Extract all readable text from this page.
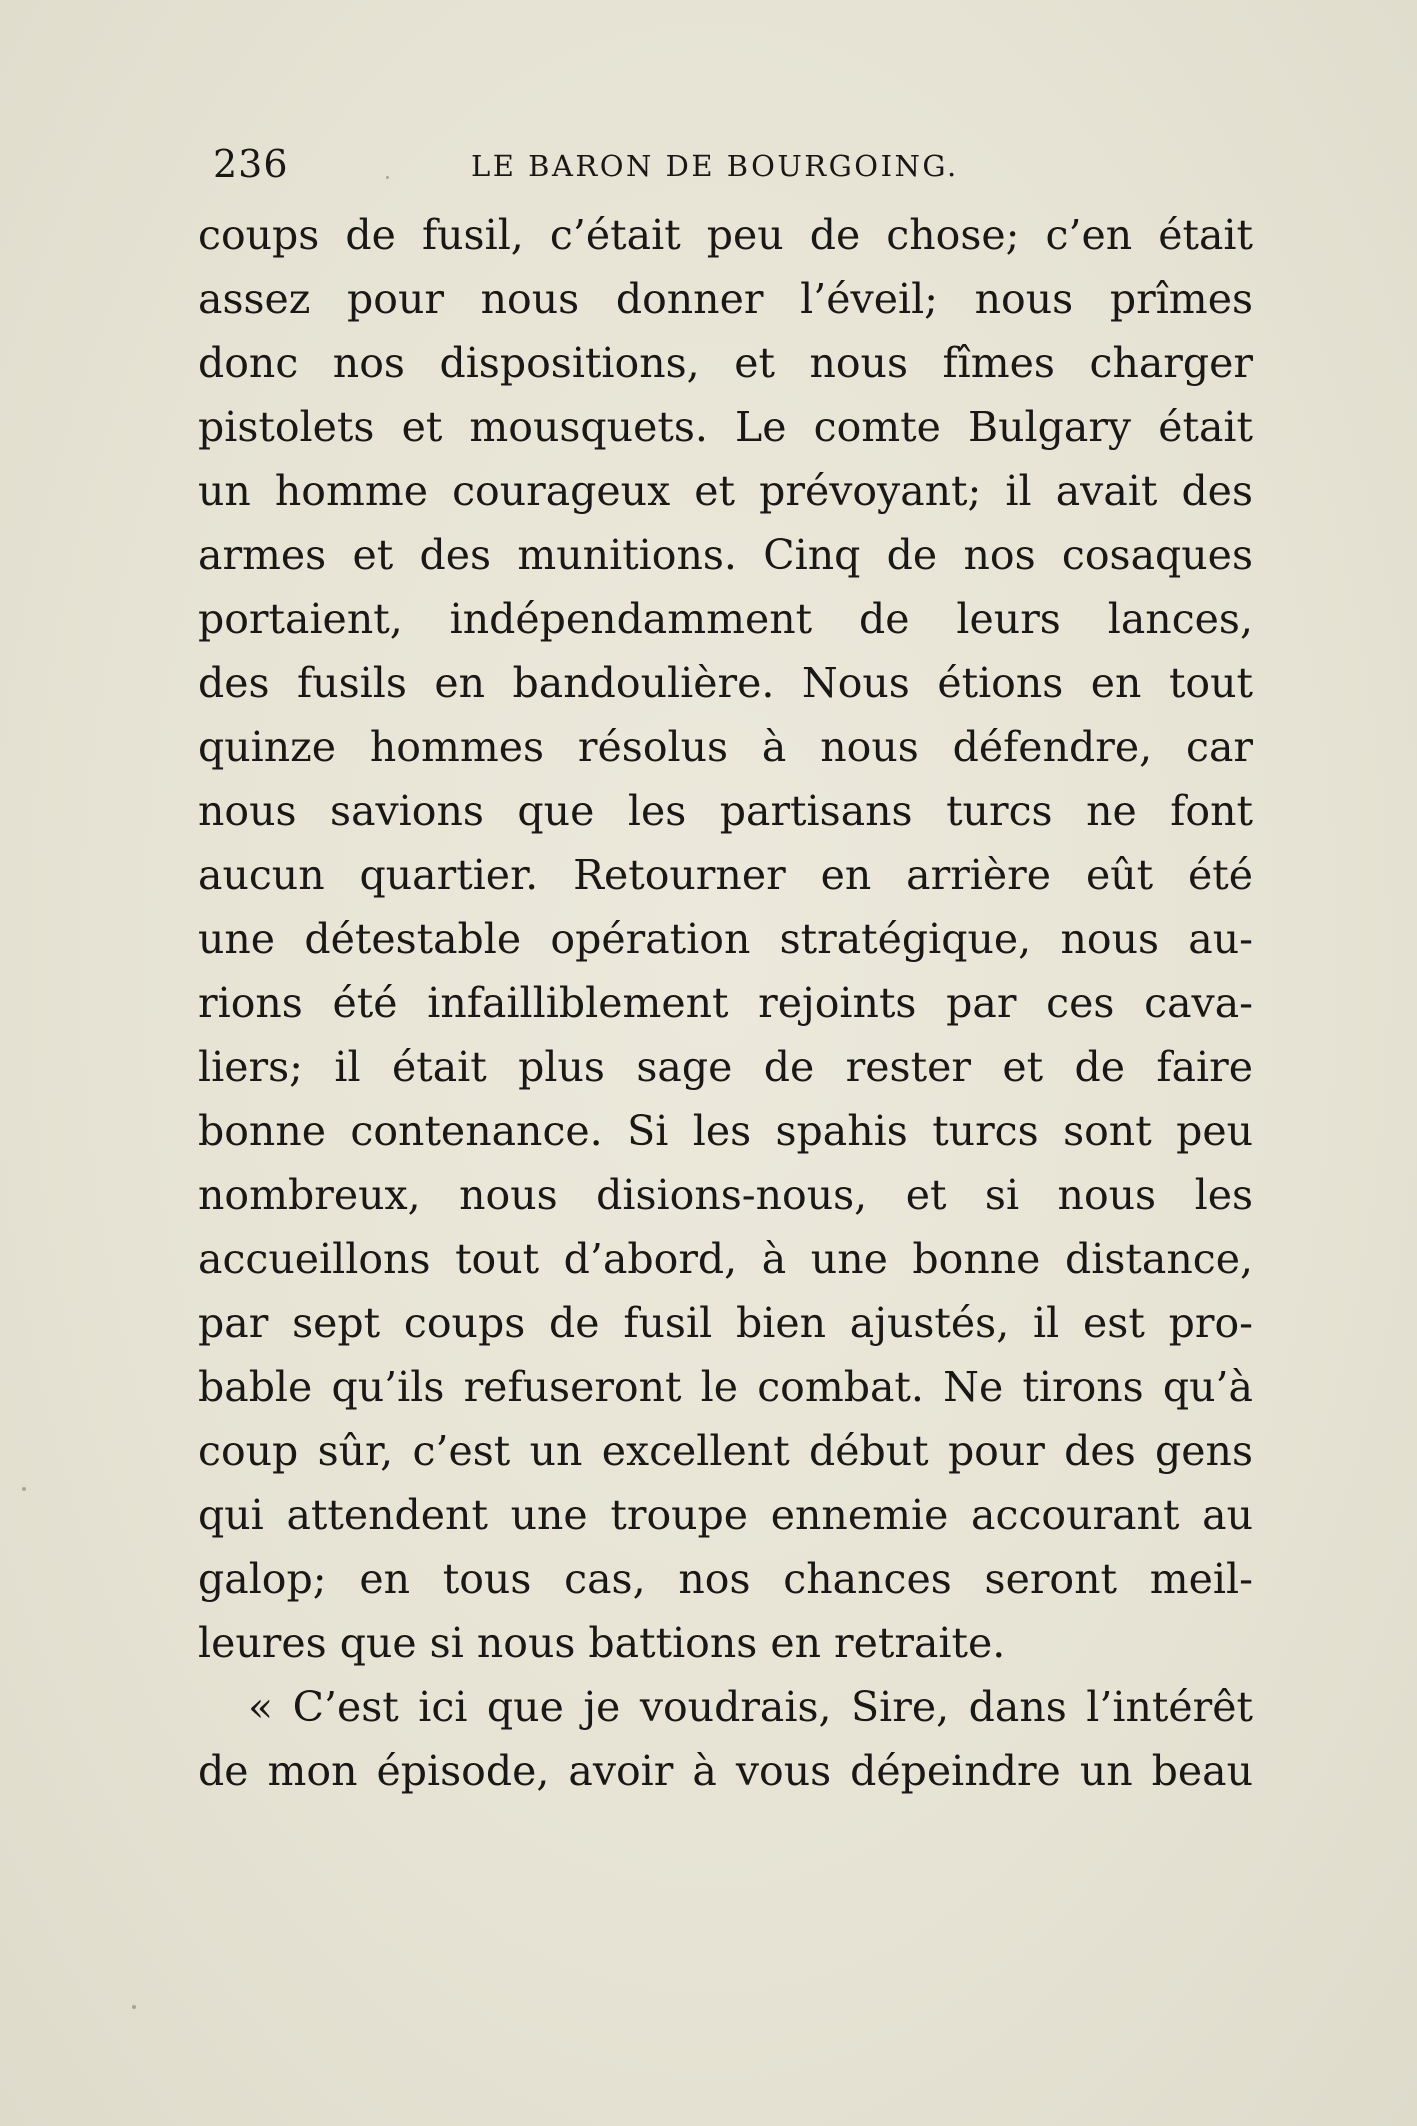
236	LE BARON DE BOURGOING.
coups de fusil, c’était peu de chose; c’en était
assez pour nous donner l’éveil; nous prîmes
donc nos dispositions, et nous fîmes charger
pistolets et mousquets. Le comte Bulgary était
un homme courageux et prévoyant; il avait des
armes et des munitions. Cinq de nos cosaques
portaient, indépendamment de leurs lances,
des fusils en bandoulière. Nous étions en tout
quinze hommes résolus à nous défendre, car
nous savions que les partisans turcs ne font
aucun quartier. Retourner en arrière eût été
une détestable opération stratégique, nous au-
rions été infailliblement rejoints par ces cava-
liers; il était plus sage de rester et de faire
bonne contenance. Si les spahis turcs sont peu
nombreux, nous disions-nous, et si nous les
accueillons tout d’abord, à une bonne distance,
par sept coups de fusil bien ajustés, il est pro-
bable qu’ils refuseront le combat. Ne tirons qu’à
coup sûr, c’est un excellent début pour des gens
qui attendent une troupe ennemie accourant au
galop; en tous cas, nos chances seront meil-
leures que si nous battions en retraite.
« C’est ici que je voudrais, Sire, dans l’intérêt
de mon épisode, avoir à vous dépeindre un beau
